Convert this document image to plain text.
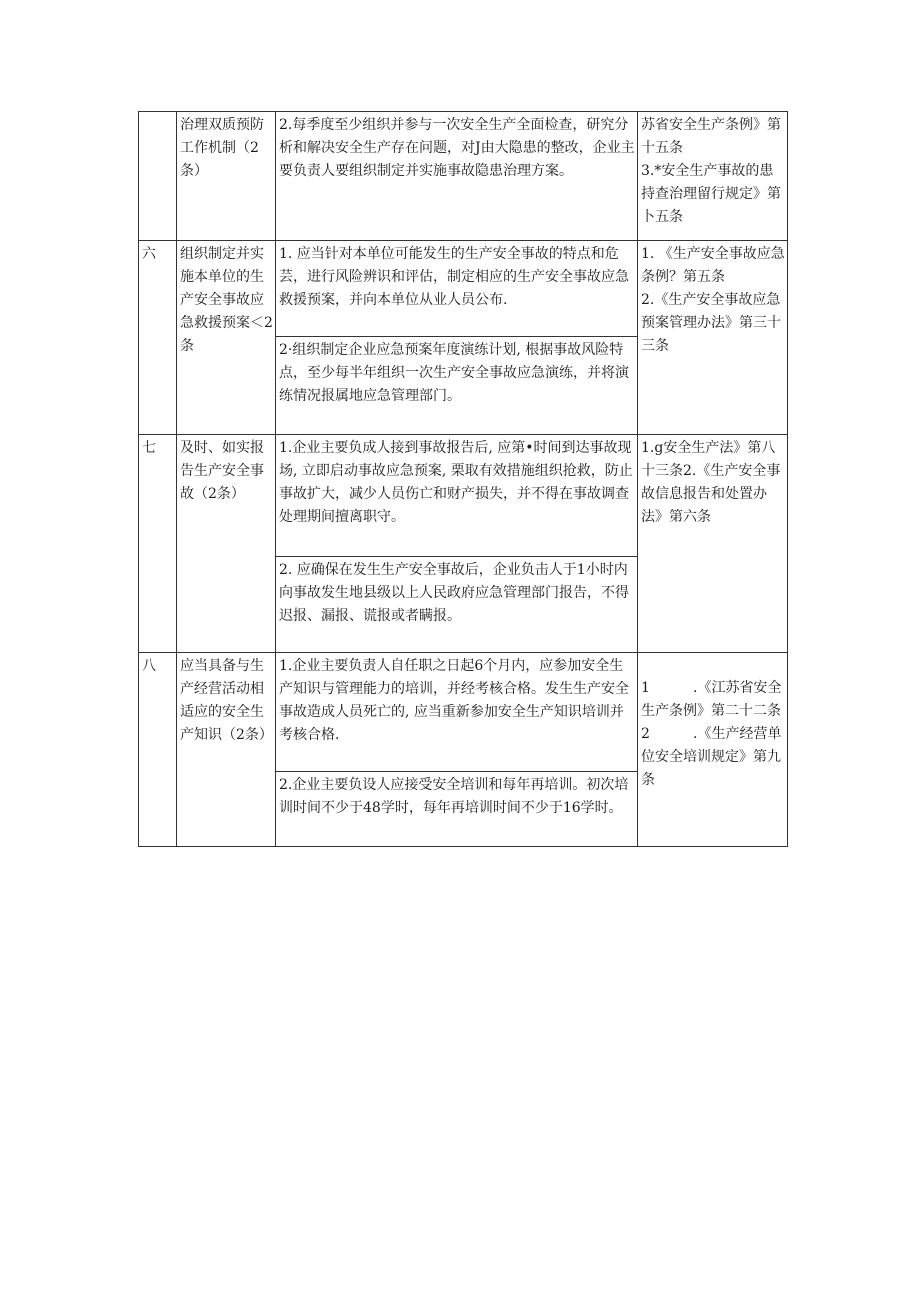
	治理双质预防工作机制（2条）	2.每季度至少组织并参与一次安全生产全面检查，研究分析和解决安全生产存在问题，对J由大隐患的整改，企业主要负责人要组织制定并实施事故隐患治理方案。	苏省安全生产条例》第十五条
3.*安全生产事故的患持查治理留行规定》第卜五条

六	组织制定并实施本单位的生产安全事故应急救援预案＜2条	1. 应当针对本单位可能发生的生产安全事故的特点和危芸，进行风险辨识和评估，制定相应的生产安全事故应急救援预案，并向本单位从业人员公布.	1. 《生产安全事故应急条例？第五条
2.《生产安全事故应急预案管理办法》第三十三条

		2·组织制定企业应急预案年度演练计划, 根据事故风险特点，至少每半年组织一次生产安全事故应急演练，并将演练情况报属地应急管理部门。	

七	及时、如实报告生产安全事故（2条）	1.企业主要负成人接到事故报告后, 应第•时间到达事故现场, 立即启动事故应急预案, 栗取有效措施组织抢救，防止事故扩大，减少人员伤亡和财产损失，并不得在事故调查处理期间擅离职守。	1.g安全生产法》第八十三条2.《生产安全事故信息报告和处置办法》第六条

		2. 应确保在发生生产安全事故后，企业负击人于1小时内向事故发生地县级以上人民政府应急管理部门报告，不得迟报、漏报、谎报或者瞒报。	

八	应当具备与生产经营活动相适应的安全生产知识（2条）	1.企业主要负责人自任职之日起6个月内，应参加安全生产知识与管理能力的培训，并经考核合格。发生生产安全事故造成人员死亡的, 应当重新参加安全生产知识培训并考核合格.	1 .《江苏省安全生产条例》第二十二条
2 .《生产经营单位安全培训规定》第九条

		2.企业主要负设人应接受安全培训和每年再培训。初次培训时间不少于48学时，每年再培训时间不少于16学时。	
